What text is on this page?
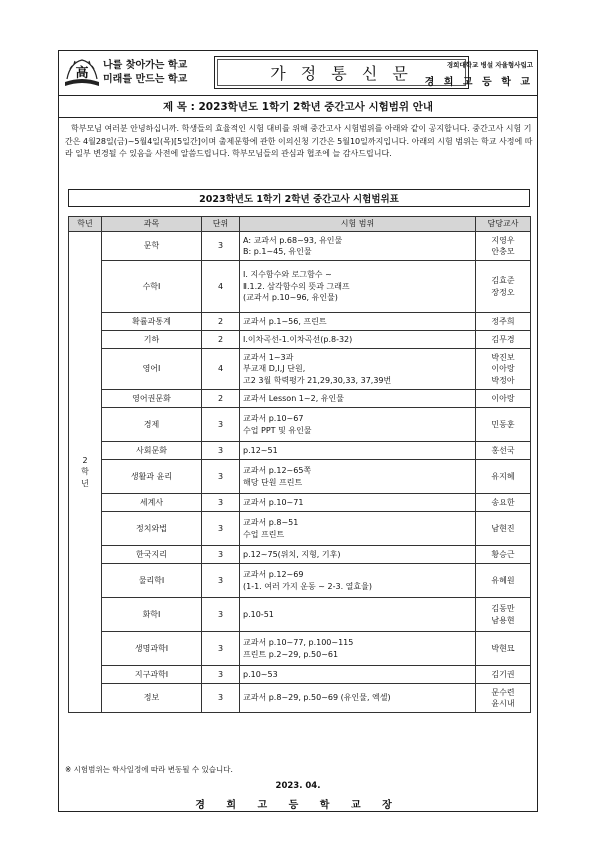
高
나를 찾아가는 학교
미래를 만드는 학교	가 정 통 신 문	경희대학교 병설 자율형사립고
경 희 고 등 학 교
제 목 : 2023학년도 1학기 2학년 중간고사 시험범위 안내
학부모님 여러분 안녕하십니까. 학생들의 효율적인 시험 대비를 위해 중간고사 시험범위를 아래와 같이 공지합니다. 중간고사 시험 기간은 4월28일(금)~5월4일(목)[5일간]이며 출제문항에 관한 이의신청 기간은 5월10일까지입니다. 아래의 시험 범위는 학교 사정에 따라 일부 변경될 수 있음을 사전에 알씀드립니다. 학부모님들의 관심과 협조에 늘 감사드립니다.
2023학년도 1학기 2학년 중간고사 시험범위표
학년	과목	단위	시험 범위	담당교사
2
학
년	문학	3	A: 교과서 p.68~93, 유인물
B: p.1~45, 유인물	지영우
안충모
	수학Ⅰ	4	Ⅰ. 지수함수와 로그함수 ~
Ⅱ.1.2. 삼각함수의 뜻과 그래프
(교과서 p.10~96, 유인물)	김효준
장정오
	확률과통계	2	교과서 p.1~56, 프린트	정주희
	기하	2	Ⅰ.이차곡선-1.이차곡선(p.8-32)	김무경
	영어Ⅰ	4	교과서 1~3과
부교재 D,I,J 단원,
고2 3월 학력평가 21,29,30,33, 37,39번	박진보
이아랑
박정아
	영어권문화	2	교과서 Lesson 1~2, 유인물	이아랑
	경제	3	교과서 p.10~67
수업 PPT 및 유인물	민동훈
	사회문화	3	p.12~51	홍선국
	생활과 윤리	3	교과서 p.12~65쪽
해당 단원 프린트	유지혜
	세계사	3	교과서 p.10~71	송요한
	정치와법	3	교과서 p.8~51
수업 프린트	남현진
	한국지리	3	p.12~75(위치, 지형, 기후)	황승근
	물리학Ⅰ	3	교과서 p.12~69
(1-1. 여러 가지 운동 ~ 2-3. 열효율)	유혜원
	화학Ⅰ	3	p.10-51	김동만
남용현
	생명과학Ⅰ	3	교과서 p.10~77, p.100~115
프린트 p.2~29, p.50~61	박현묘
	지구과학Ⅰ	3	p.10~53	김기권
	정보	3	교과서 p.8~29, p.50~69 (유인물, 엑셀)	문수련
윤시내
※ 시험범위는 학사일정에 따라 변동될 수 있습니다.
2023. 04.
경 희 고 등 학 교 장
